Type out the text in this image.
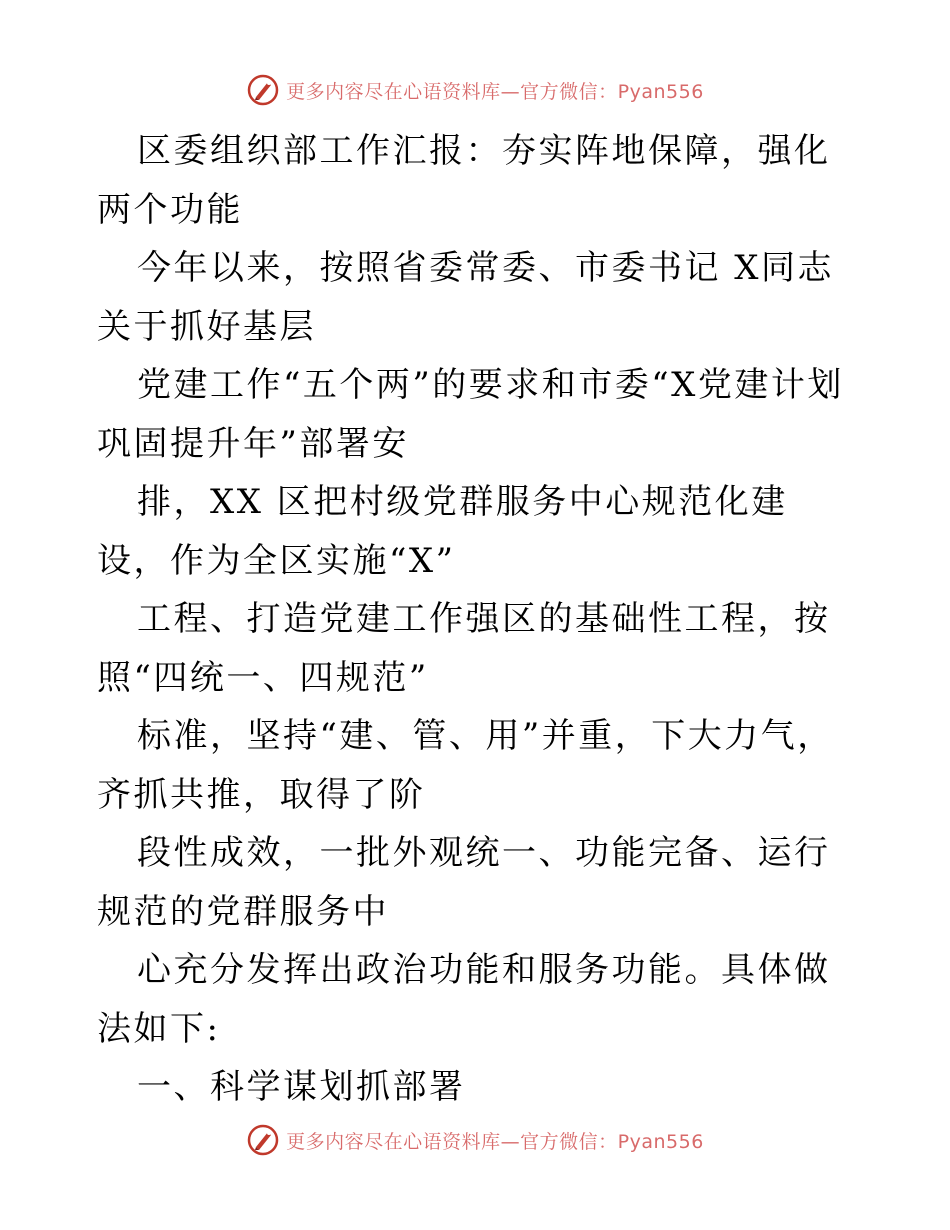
更多内容尽在心语资料库—官方微信：Pyan556

区委组织部工作汇报：夯实阵地保障，强化两个功能

今年以来，按照省委常委、市委书记 X同志关于抓好基层

党建工作“五个两”的要求和市委“X党建计划巩固提升年”部署安

排，XX 区把村级党群服务中心规范化建设，作为全区实施“X”

工程、打造党建工作强区的基础性工程，按照“四统一、四规范”

标准，坚持“建、管、用”并重，下大力气，齐抓共推，取得了阶

段性成效，一批外观统一、功能完备、运行规范的党群服务中

心充分发挥出政治功能和服务功能。具体做法如下:

一、科学谋划抓部署

更多内容尽在心语资料库—官方微信：Pyan556
